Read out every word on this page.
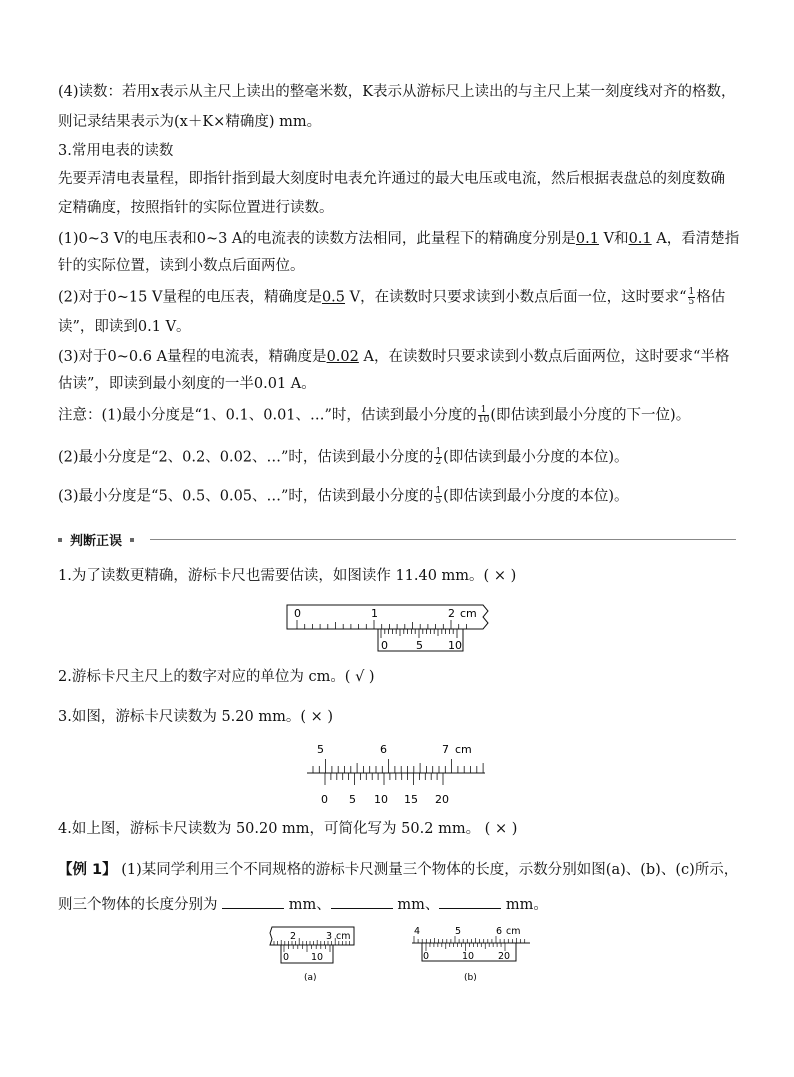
(4)读数：若用x表示从主尺上读出的整毫米数，K表示从游标尺上读出的与主尺上某一刻度线对齐的格数，
则记录结果表示为(x＋K×精确度) mm。
3.常用电表的读数
先要弄清电表量程，即指针指到最大刻度时电表允许通过的最大电压或电流，然后根据表盘总的刻度数确
定精确度，按照指针的实际位置进行读数。
(1)0~3 V的电压表和0~3 A的电流表的读数方法相同，此量程下的精确度分别是0.1 V和0.1 A，看清楚指
针的实际位置，读到小数点后面两位。
(2)对于0~15 V量程的电压表，精确度是0.5 V，在读数时只要求读到小数点后面一位，这时要求“ $\frac{1}{5}$ 格估
读”，即读到0.1 V。
(3)对于0~0.6 A量程的电流表，精确度是0.02 A，在读数时只要求读到小数点后面两位，这时要求“半格
估读”，即读到最小刻度的一半0.01 A。
注意：(1)最小分度是“1、0.1、0.01、…”时，估读到最小分度的 $\frac{1}{10}$ (即估读到最小分度的下一位)。
(2)最小分度是“2、0.2、0.02、…”时，估读到最小分度的 $\frac{1}{2}$ (即估读到最小分度的本位)。
(3)最小分度是“5、0.5、0.05、…”时，估读到最小分度的 $\frac{1}{5}$ (即估读到最小分度的本位)。
判断正误
1.为了读数更精确，游标卡尺也需要估读，如图读作 11.40 mm。( × )
0	1	2 cm
0	5 10
2.游标卡尺主尺上的数字对应的单位为 cm。( √ )
3.如图，游标卡尺读数为 5.20 mm。( × )
5	6	7 cm
0 5 10 15 20
4.如上图，游标卡尺读数为 50.20 mm，可简化写为 50.2 mm。 ( × )
【例 1】 (1)某同学利用三个不同规格的游标卡尺测量三个物体的长度，示数分别如图(a)、(b)、(c)所示，
则三个物体的长度分别为	mm、	mm、	mm。
2	3 cm
0 10
(a)
4	5	6 cm
0	10	20
(b)
